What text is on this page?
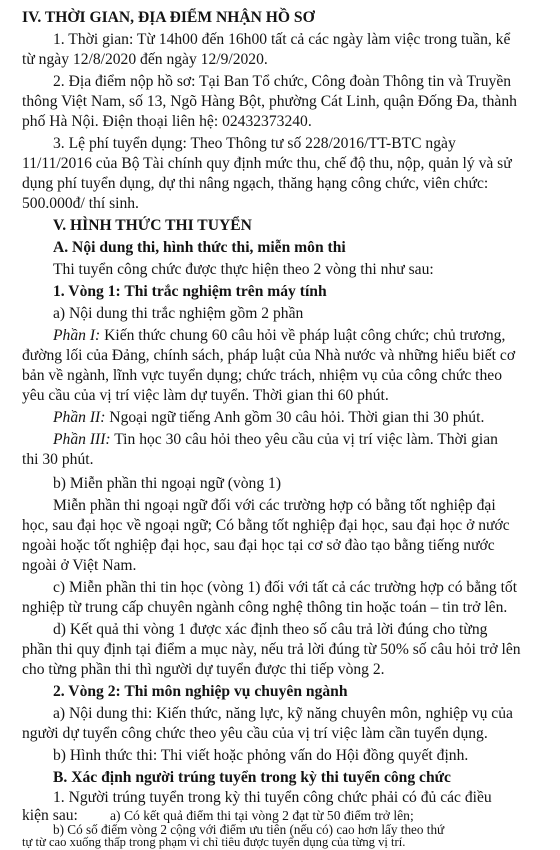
IV. THỜI GIAN, ĐỊA ĐIỂM NHẬN HỒ SƠ

1. Thời gian: Từ 14h00 đến 16h00 tất cả các ngày làm việc trong tuần, kể

từ ngày 12/8/2020 đến ngày 12/9/2020.

2. Địa điểm nộp hồ sơ: Tại Ban Tổ chức, Công đoàn Thông tin và Truyền

thông Việt Nam, số 13, Ngõ Hàng Bột, phường Cát Linh, quận Đống Đa, thành

phố Hà Nội. Điện thoại liên hệ: 02432373240.

3. Lệ phí tuyển dụng: Theo Thông tư số 228/2016/TT-BTC ngày

11/11/2016 của Bộ Tài chính quy định mức thu, chế độ thu, nộp, quản lý và sử

dụng phí tuyển dụng, dự thi nâng ngạch, thăng hạng công chức, viên chức:

500.000đ/ thí sinh.

V. HÌNH THỨC THI TUYỂN

A. Nội dung thi, hình thức thi, miễn môn thi

Thi tuyển công chức được thực hiện theo 2 vòng thi như sau:

1. Vòng 1: Thi trắc nghiệm trên máy tính

a) Nội dung thi trắc nghiệm gồm 2 phần

Phần I: Kiến thức chung 60 câu hỏi về pháp luật công chức; chủ trương,

đường lối của Đảng, chính sách, pháp luật của Nhà nước và những hiểu biết cơ

bản về ngành, lĩnh vực tuyển dụng; chức trách, nhiệm vụ của công chức theo

yêu cầu của vị trí việc làm dự tuyển. Thời gian thi 60 phút.

Phần II: Ngoại ngữ tiếng Anh gồm 30 câu hỏi. Thời gian thi 30 phút.

Phần III: Tin học 30 câu hỏi theo yêu cầu của vị trí việc làm. Thời gian

thi 30 phút.

b) Miễn phần thi ngoại ngữ (vòng 1)

Miễn phần thi ngoại ngữ đối với các trường hợp có bằng tốt nghiệp đại

học, sau đại học về ngoại ngữ; Có bằng tốt nghiệp đại học, sau đại học ở nước

ngoài hoặc tốt nghiệp đại học, sau đại học tại cơ sở đào tạo bằng tiếng nước

ngoài ở Việt Nam.

c) Miễn phần thi tin học (vòng 1) đối với tất cả các trường hợp có bằng tốt

nghiệp từ trung cấp chuyên ngành công nghệ thông tin hoặc toán – tin trở lên.

d) Kết quả thi vòng 1 được xác định theo số câu trả lời đúng cho từng

phần thi quy định tại điểm a mục này, nếu trả lời đúng từ 50% số câu hỏi trở lên

cho từng phần thi thì người dự tuyển được thi tiếp vòng 2.

2. Vòng 2: Thi môn nghiệp vụ chuyên ngành

a) Nội dung thi: Kiến thức, năng lực, kỹ năng chuyên môn, nghiệp vụ của

người dự tuyển công chức theo yêu cầu của vị trí việc làm cần tuyển dụng.

b) Hình thức thi: Thi viết hoặc phỏng vấn do Hội đồng quyết định.

B. Xác định người trúng tuyển trong kỳ thi tuyển công chức

1. Người trúng tuyển trong kỳ thi tuyển công chức phải có đủ các điều

kiện sau:	a) Có kết quả điểm thi tại vòng 2 đạt từ 50 điểm trở lên;

b) Có số điểm vòng 2 cộng với điểm ưu tiên (nếu có) cao hơn lấy theo thứ

tự từ cao xuống thấp trong phạm vi chỉ tiêu được tuyển dụng của từng vị trí.
